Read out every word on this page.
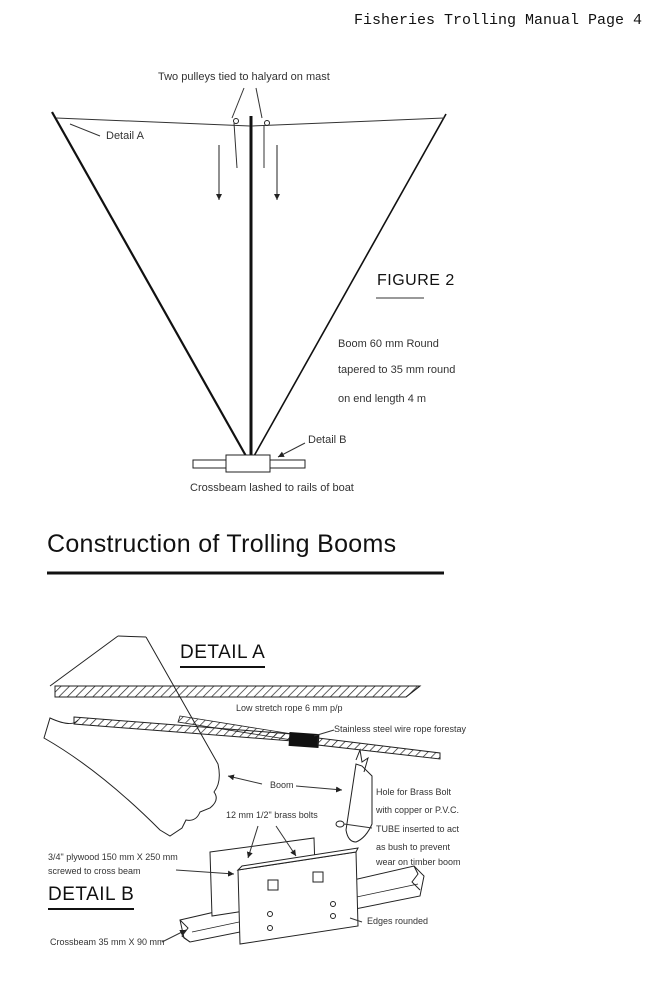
Fisheries Trolling Manual Page 4
Two pulleys tied to halyard on mast
Detail A
FIGURE 2
Boom 60 mm Round
tapered to 35 mm round
on end length 4 m
Detail B
Crossbeam lashed to rails of boat
Construction of Trolling Booms
DETAIL A
Low stretch rope 6 mm p/p
Stainless steel wire rope forestay
Boom
Hole for Brass Bolt
with copper or P.V.C.
TUBE inserted to act
as bush to prevent
wear on timber boom
12 mm 1/2" brass bolts
3/4" plywood 150 mm X 250 mm
screwed to cross beam
DETAIL B
Edges rounded
Crossbeam 35 mm X 90 mm
